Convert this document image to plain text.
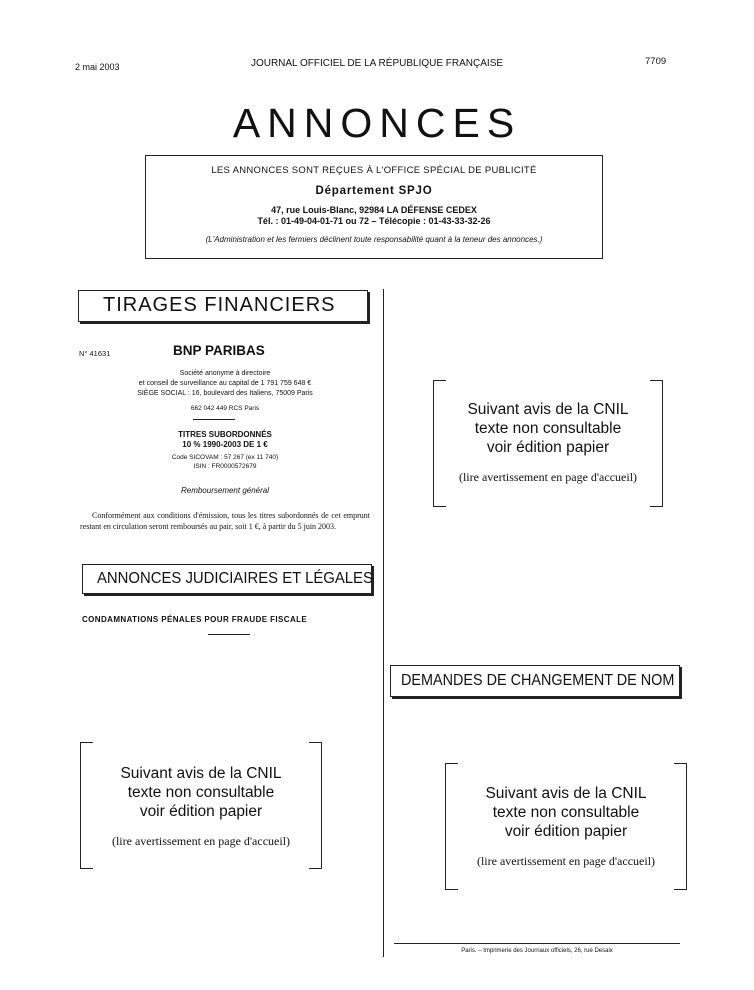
2 mai 2003	JOURNAL OFFICIEL DE LA RÉPUBLIQUE FRANÇAISE	7709
ANNONCES
LES ANNONCES SONT REÇUES À L'OFFICE SPÉCIAL DE PUBLICITÉ
Département SPJO
47, rue Louis-Blanc, 92984 LA DÉFENSE CEDEX
Tél. : 01-49-04-01-71 ou 72 – Télécopie : 01-43-33-32-26
(L'Administration et les fermiers déclinent toute responsabilité quant à la teneur des annonces.)
TIRAGES FINANCIERS
N° 41631	BNP PARIBAS
Société anonyme à directoire
et conseil de surveillance au capital de 1 791 759 648 €
SIÈGE SOCIAL : 16, boulevard des Italiens, 75009 Paris
662 042 449 RCS Paris
TITRES SUBORDONNÉS
10 % 1990-2003 DE 1 €
Code SICOVAM : 57 267 (ex 11 740)
ISIN : FR0000572679
Remboursement général
Conformément aux conditions d'émission, tous les titres subordonnés de cet emprunt restant en circulation seront remboursés au pair, soit 1 €, à partir du 5 juin 2003.
ANNONCES JUDICIAIRES ET LÉGALES
CONDAMNATIONS PÉNALES POUR FRAUDE FISCALE
Suivant avis de la CNIL
texte non consultable
voir édition papier
(lire avertissement en page d'accueil)
DEMANDES DE CHANGEMENT DE NOM
Suivant avis de la CNIL
texte non consultable
voir édition papier
(lire avertissement en page d'accueil)
Suivant avis de la CNIL
texte non consultable
voir édition papier
(lire avertissement en page d'accueil)
Paris. – Imprimerie des Journaux officiels, 26, rue Desaix
